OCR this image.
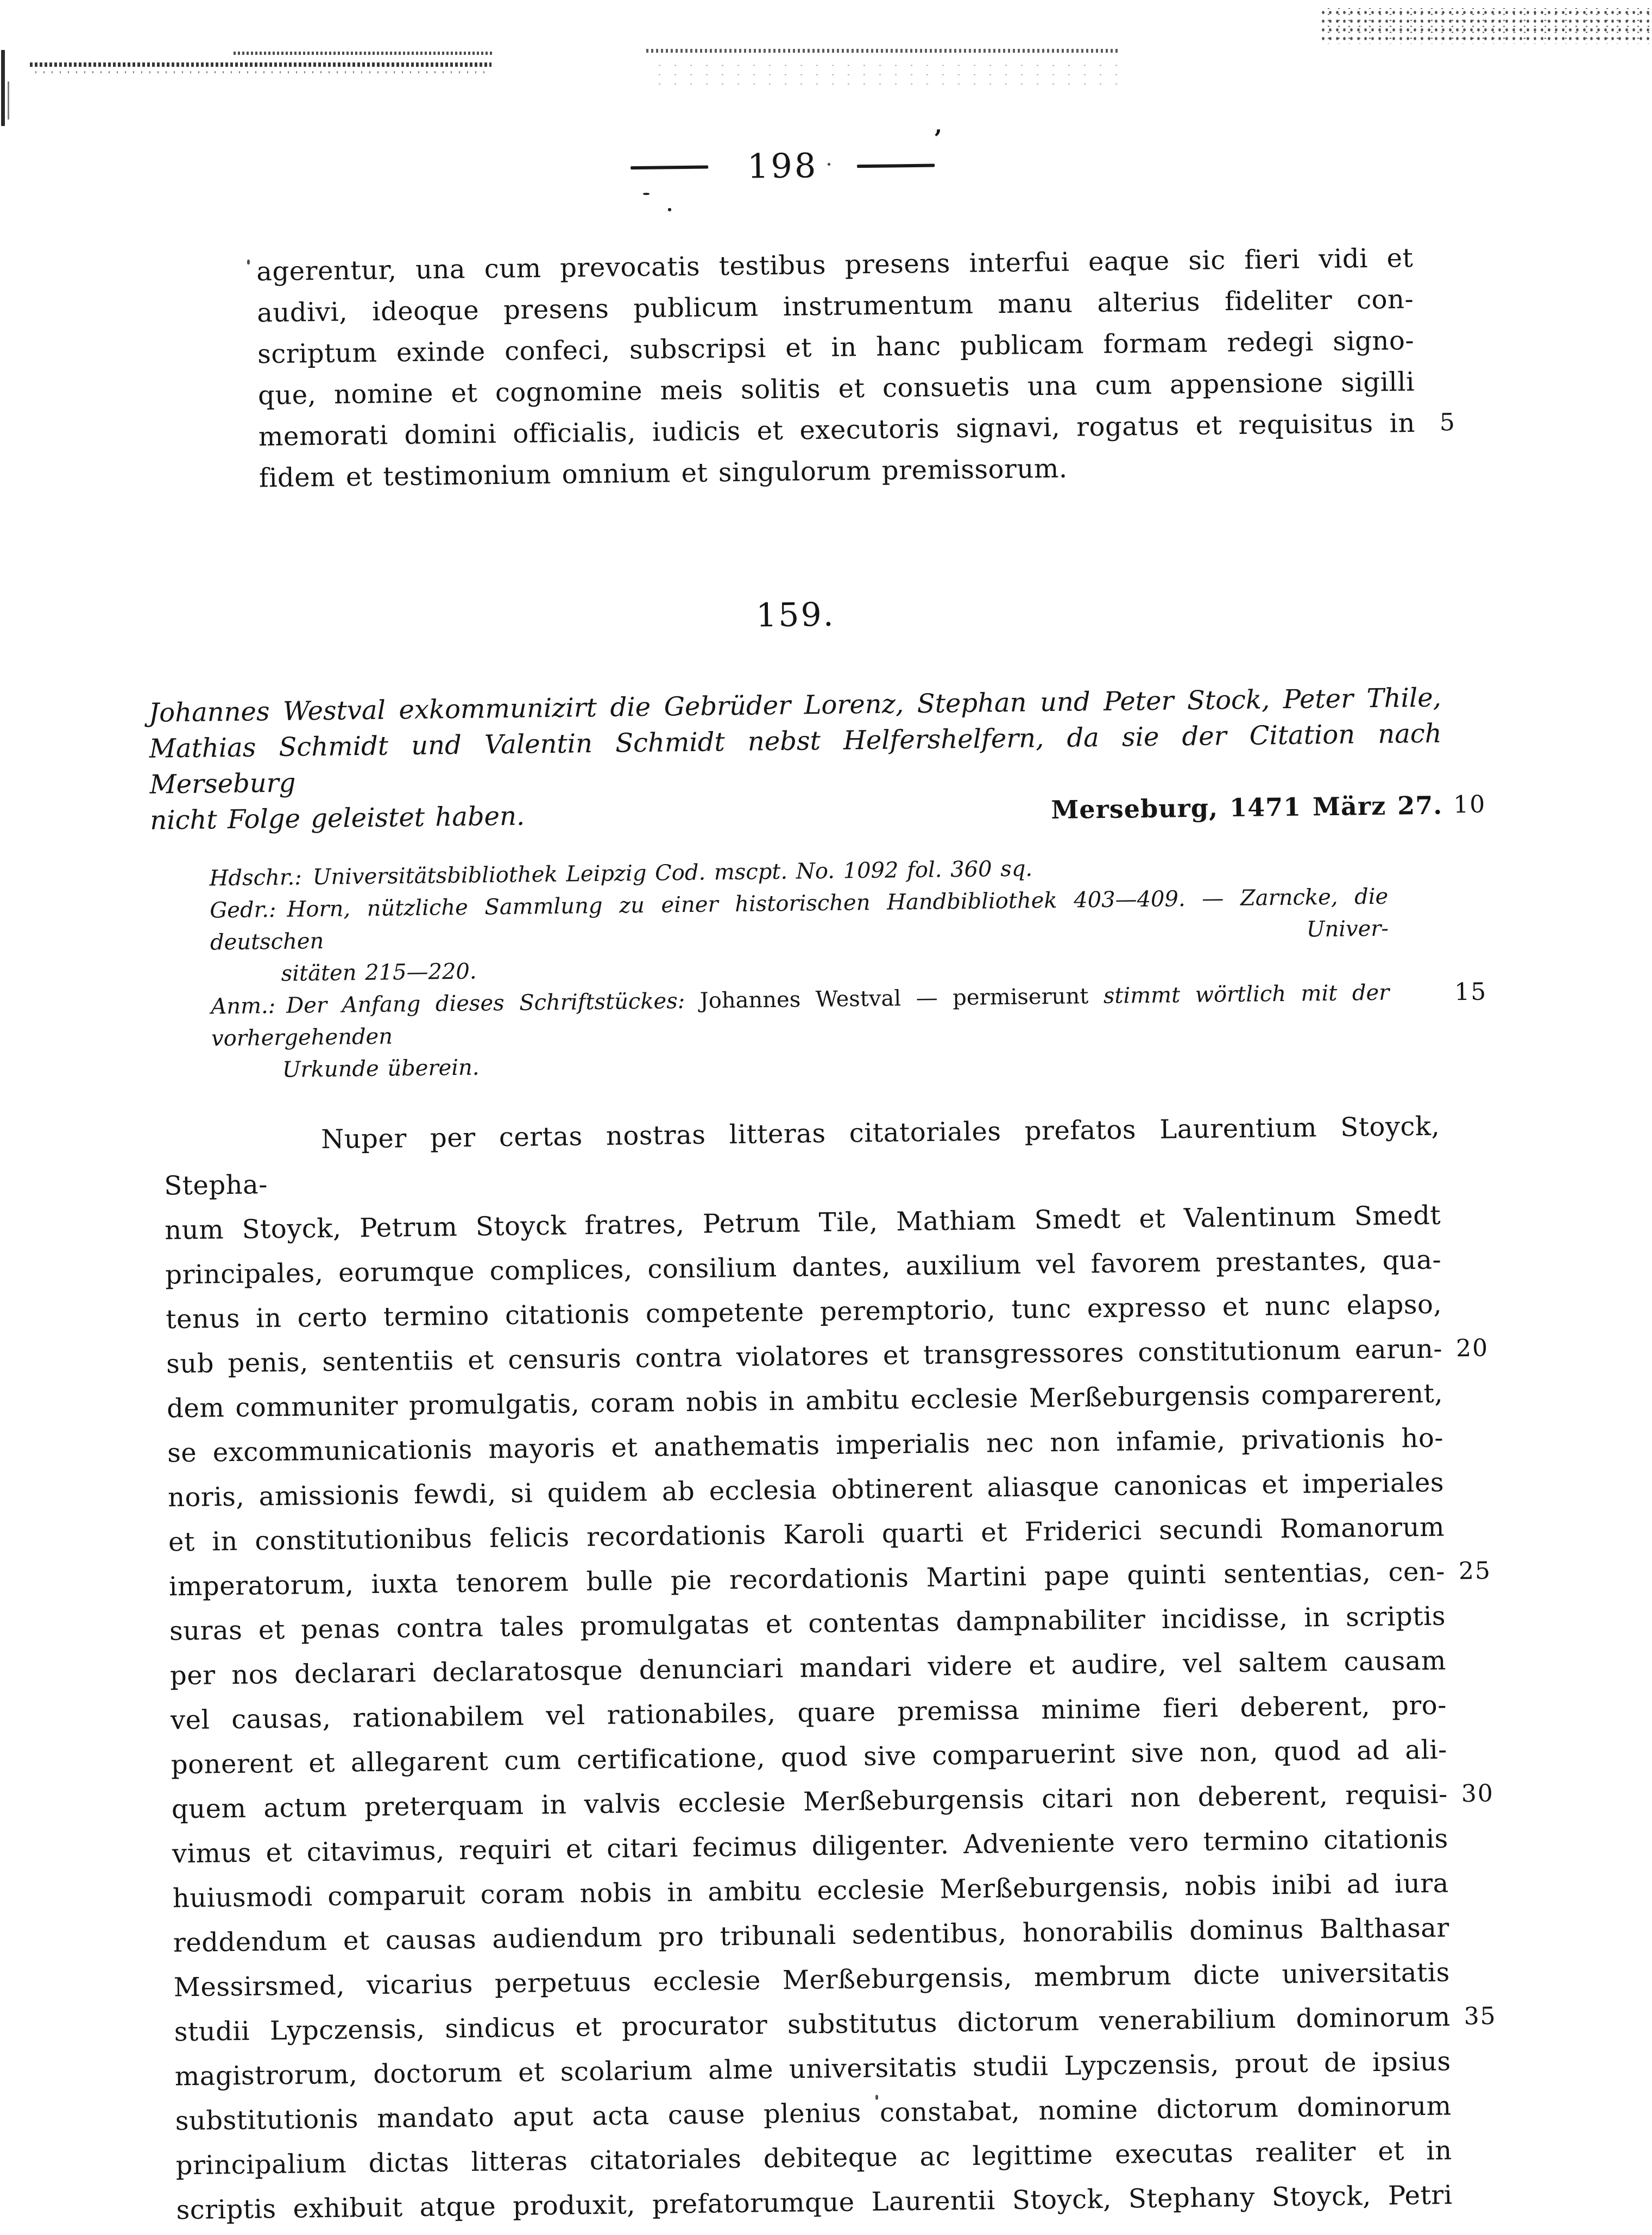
198
’
agerentur, una cum prevocatis testibus presens interfui eaque sic fieri vidi et
audivi, ideoque presens publicum instrumentum manu alterius fideliter con-
scriptum exinde confeci, subscripsi et in hanc publicam formam redegi signo-
que, nomine et cognomine meis solitis et consuetis una cum appensione sigilli
memorati domini officialis, iudicis et executoris signavi, rogatus et requisitus in 5
fidem et testimonium omnium et singulorum premissorum.
159.
Johannes Westval exkommunizirt die Gebrüder Lorenz, Stephan und Peter Stock, Peter Thile,
Mathias Schmidt und Valentin Schmidt nebst Helfershelfern, da sie der Citation nach Merseburg
nicht Folge geleistet haben.	Merseburg, 1471 März 27. 10
Hdschr.:  Universitätsbibliothek Leipzig Cod. mscpt. No. 1092 fol. 360 sq.
Gedr.:  Horn, nützliche Sammlung zu einer historischen Handbibliothek 403—409. — Zarncke, die deutschen Univer-
sitäten 215—220.
Anm.:  Der Anfang dieses Schriftstückes: Johannes Westval — permiserunt stimmt wörtlich mit der vorhergehenden
15
Urkunde überein.
Nuper per certas nostras litteras citatoriales prefatos Laurentium Stoyck, Stepha-
num Stoyck, Petrum Stoyck fratres, Petrum Tile, Mathiam Smedt et Valentinum Smedt
principales, eorumque complices, consilium dantes, auxilium vel favorem prestantes, qua-
tenus in certo termino citationis competente peremptorio, tunc expresso et nunc elapso,
sub penis, sententiis et censuris contra violatores et transgressores constitutionum earun- 20
dem communiter promulgatis, coram nobis in ambitu ecclesie Merßeburgensis comparerent,
se excommunicationis mayoris et anathematis imperialis nec non infamie, privationis ho-
noris, amissionis fewdi, si quidem ab ecclesia obtinerent aliasque canonicas et imperiales
et in constitutionibus felicis recordationis Karoli quarti et Friderici secundi Romanorum
imperatorum, iuxta tenorem bulle pie recordationis Martini pape quinti sententias, cen- 25
suras et penas contra tales promulgatas et contentas dampnabiliter incidisse, in scriptis
per nos declarari declaratosque denunciari mandari videre et audire, vel saltem causam
vel causas, rationabilem vel rationabiles, quare premissa minime fieri deberent, pro-
ponerent et allegarent cum certificatione, quod sive comparuerint sive non, quod ad ali-
quem actum preterquam in valvis ecclesie Merßeburgensis citari non deberent, requisi- 30
vimus et citavimus, requiri et citari fecimus diligenter. Adveniente vero termino citationis
huiusmodi comparuit coram nobis in ambitu ecclesie Merßeburgensis, nobis inibi ad iura
reddendum et causas audiendum pro tribunali sedentibus, honorabilis dominus Balthasar
Messirsmed, vicarius perpetuus ecclesie Merßeburgensis, membrum dicte universitatis
studii Lypczensis, sindicus et procurator substitutus dictorum venerabilium dominorum 35
magistrorum, doctorum et scolarium alme universitatis studii Lypczensis, prout de ipsius
substitutionis mandato aput acta cause plenius constabat, nomine dictorum dominorum
principalium dictas litteras citatoriales debiteque ac legittime executas realiter et in
scriptis exhibuit atque produxit, prefatorumque Laurentii Stoyck, Stephany Stoyck, Petri
